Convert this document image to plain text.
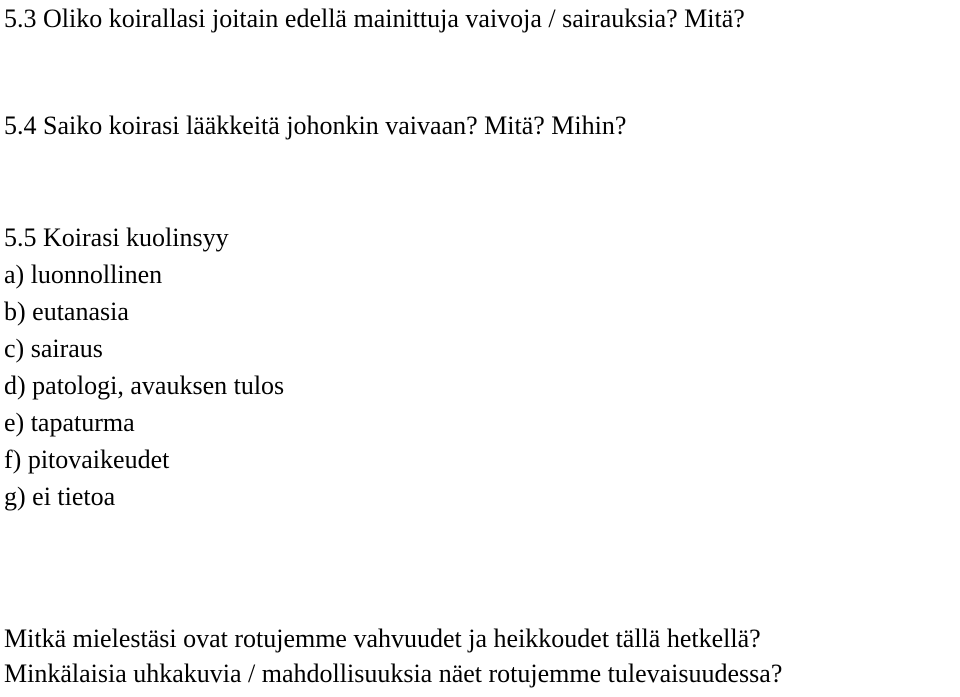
5.3 Oliko koirallasi joitain edellä mainittuja vaivoja / sairauksia? Mitä?

5.4 Saiko koirasi lääkkeitä johonkin vaivaan? Mitä? Mihin?

5.5 Koirasi kuolinsyy

a) luonnollinen

b) eutanasia

c) sairaus

d) patologi, avauksen tulos

e) tapaturma

f) pitovaikeudet

g) ei tietoa

Mitkä mielestäsi ovat rotujemme vahvuudet ja heikkoudet tällä hetkellä?

Minkälaisia uhkakuvia / mahdollisuuksia näet rotujemme tulevaisuudessa?
